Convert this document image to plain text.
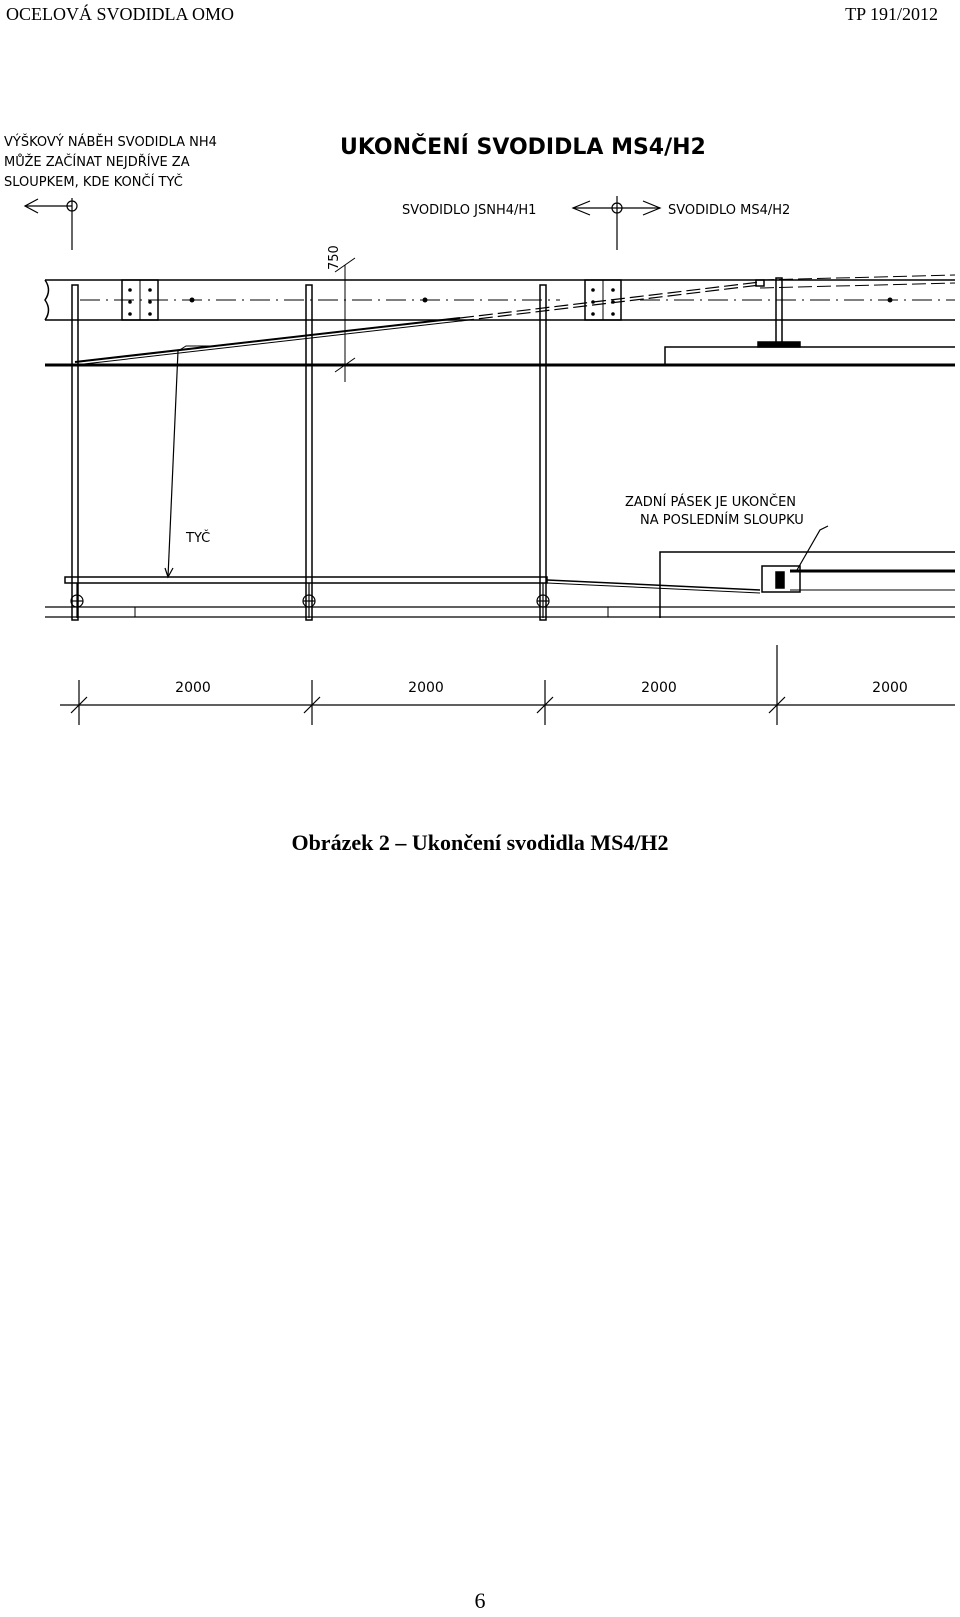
OCELOVÁ SVODIDLA OMO	TP 191/2012
UKONČENÍ SVODIDLA MS4/H2
VÝŠKOVÝ NÁBĚH SVODIDLA NH4
MŮŽE ZAČÍNAT NEJDŘÍVE ZA
SLOUPKEM, KDE KONČÍ TYČ
SVODIDLO JSNH4/H1	SVODIDLO MS4/H2
750
TYČ
ZADNÍ PÁSEK JE UKONČEN
NA POSLEDNÍM SLOUPKU
2000	2000	2000	2000
Obrázek 2 – Ukončení svodidla MS4/H2
6
